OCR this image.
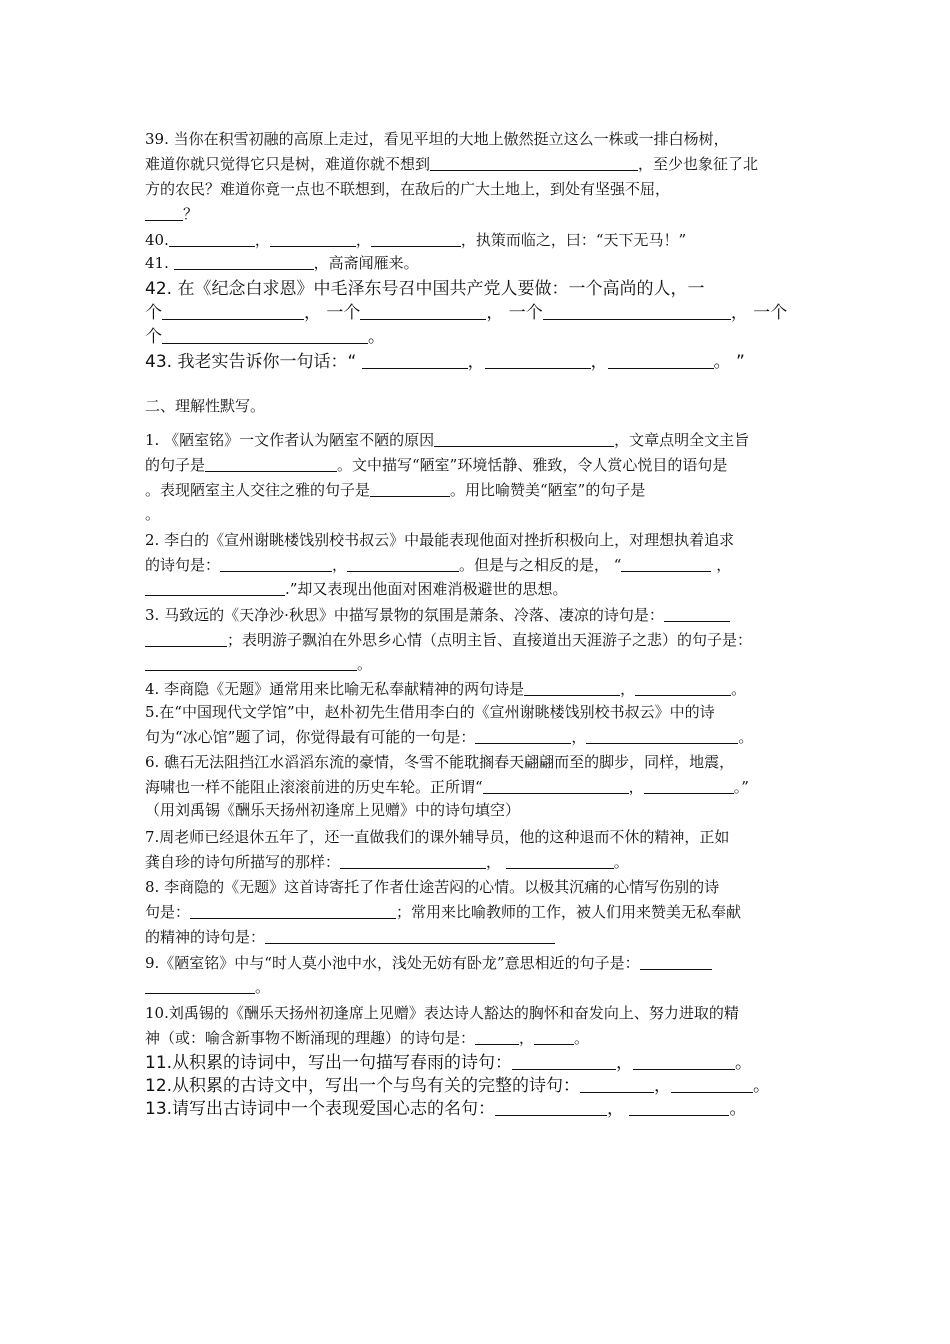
39. 当你在积雪初融的高原上走过，看见平坦的大地上傲然挺立这么一株或一排白杨树，
难道你就只觉得它只是树，难道你就不想到	，至少也象征了北
方的农民？难道你竟一点也不联想到，在敌后的广大土地上，到处有坚强不屈，
？
40.	，	，	，执策而临之，曰：“天下无马！”
41.	，高斋闻雁来。
42. 在《纪念白求恩》中毛泽东号召中国共产党人要做：一个高尚的人，一
个	， 一个	， 一个	， 一个
个	。
43. 我老实告诉你一句话：“	，	，	。 ”
二、理解性默写。
1. 《陋室铭》一文作者认为陋室不陋的原因	，文章点明全文主旨
的句子是	。文中描写“陋室”环境恬静、雅致，令人赏心悦目的语句是
。表现陋室主人交往之雅的句子是	。用比喻赞美“陋室”的句子是
。
2. 李白的《宣州谢眺楼饯别校书叔云》中最能表现他面对挫折积极向上，对理想执着追求
的诗句是：	，	。但是与之相反的是， “	，
.”却又表现出他面对困难消极避世的思想。
3. 马致远的《天净沙·秋思》中描写景物的氛围是萧条、冷落、凄凉的诗句是：
；表明游子飘泊在外思乡心情（点明主旨、直接道出天涯游子之悲）的句子是：
。
4. 李商隐《无题》通常用来比喻无私奉献精神的两句诗是	，	。
5.在“中国现代文学馆”中，赵朴初先生借用李白的《宣州谢眺楼饯别校书叔云》中的诗
句为“冰心馆”题了词，你觉得最有可能的一句是：	，	。
6. 礁石无法阻挡江水滔滔东流的豪情，冬雪不能耽搁春天翩翩而至的脚步，同样，地震，
海啸也一样不能阻止滚滚前进的历史车轮。正所谓“	，	。”
（用刘禹锡《酬乐天扬州初逢席上见赠》中的诗句填空）
7.周老师已经退休五年了，还一直做我们的课外辅导员，他的这种退而不休的精神，正如
龚自珍的诗句所描写的那样：	，	。
8. 李商隐的《无题》这首诗寄托了作者仕途苦闷的心情。以极其沉痛的心情写伤别的诗
句是：	；常用来比喻教师的工作，被人们用来赞美无私奉献
的精神的诗句是：
9.《陋室铭》中与“时人莫小池中水，浅处无妨有卧龙”意思相近的句子是：
。
10.刘禹锡的《酬乐天扬州初逢席上见赠》表达诗人豁达的胸怀和奋发向上、努力进取的精
神（或：喻含新事物不断涌现的理趣）的诗句是：	，	。
11.从积累的诗词中，写出一句描写春雨的诗句：	，	。
12.从积累的古诗文中，写出一个与鸟有关的完整的诗句：	，	。
13.请写出古诗词中一个表现爱国心志的名句：	，	。
